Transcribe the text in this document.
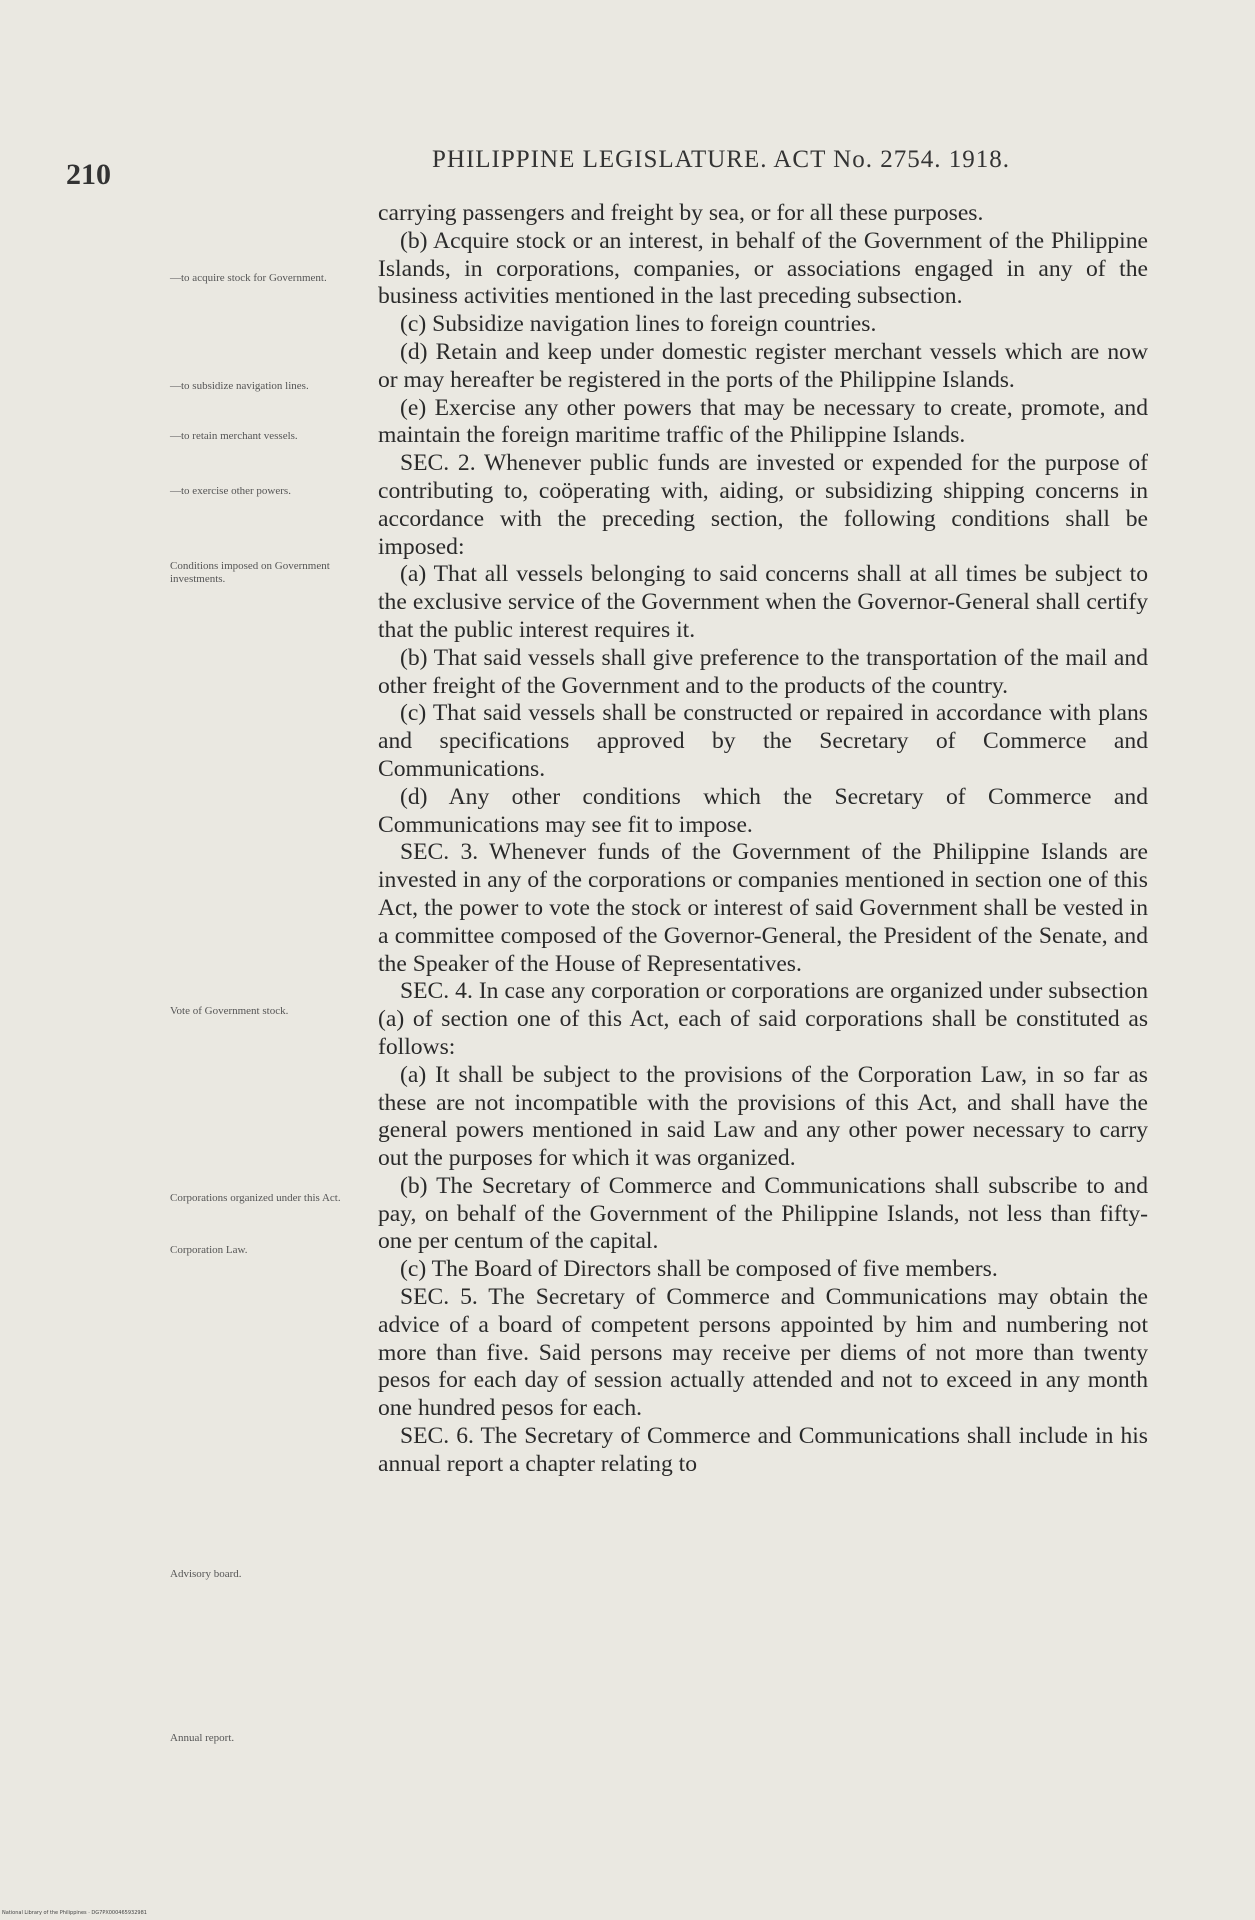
210	PHILIPPINE LEGISLATURE. ACT No. 2754. 1918.
—to acquire stock for Government.
—to subsidize navigation lines.
—to retain merchant vessels.
—to exercise other powers.
Conditions imposed on Government investments.
Vote of Government stock.
Corporations organized under this Act.
Corporation Law.
Advisory board.
Annual report.

carrying passengers and freight by sea, or for all these purposes.

(b) Acquire stock or an interest, in behalf of the Government of the Philippine Islands, in corporations, companies, or associations engaged in any of the business activities mentioned in the last preceding subsection.

(c) Subsidize navigation lines to foreign countries.

(d) Retain and keep under domestic register merchant vessels which are now or may hereafter be registered in the ports of the Philippine Islands.

(e) Exercise any other powers that may be necessary to create, promote, and maintain the foreign maritime traffic of the Philippine Islands.

SEC. 2. Whenever public funds are invested or expended for the purpose of contributing to, coöperating with, aiding, or subsidizing shipping concerns in accordance with the preceding section, the following conditions shall be imposed:

(a) That all vessels belonging to said concerns shall at all times be subject to the exclusive service of the Government when the Governor-General shall certify that the public interest requires it.

(b) That said vessels shall give preference to the transportation of the mail and other freight of the Government and to the products of the country.

(c) That said vessels shall be constructed or repaired in accordance with plans and specifications approved by the Secretary of Commerce and Communications.

(d) Any other conditions which the Secretary of Commerce and Communications may see fit to impose.

SEC. 3. Whenever funds of the Government of the Philippine Islands are invested in any of the corporations or companies mentioned in section one of this Act, the power to vote the stock or interest of said Government shall be vested in a committee composed of the Governor-General, the President of the Senate, and the Speaker of the House of Representatives.

SEC. 4. In case any corporation or corporations are organized under subsection (a) of section one of this Act, each of said corporations shall be constituted as follows:

(a) It shall be subject to the provisions of the Corporation Law, in so far as these are not incompatible with the provisions of this Act, and shall have the general powers mentioned in said Law and any other power necessary to carry out the purposes for which it was organized.

(b) The Secretary of Commerce and Communications shall subscribe to and pay, on behalf of the Government of the Philippine Islands, not less than fifty-one per centum of the capital.

(c) The Board of Directors shall be composed of five members.

SEC. 5. The Secretary of Commerce and Communications may obtain the advice of a board of competent persons appointed by him and numbering not more than five. Said persons may receive per diems of not more than twenty pesos for each day of session actually attended and not to exceed in any month one hundred pesos for each.

SEC. 6. The Secretary of Commerce and Communications shall include in his annual report a chapter relating to

National Library of the Philippines · DG7PX000465932981
